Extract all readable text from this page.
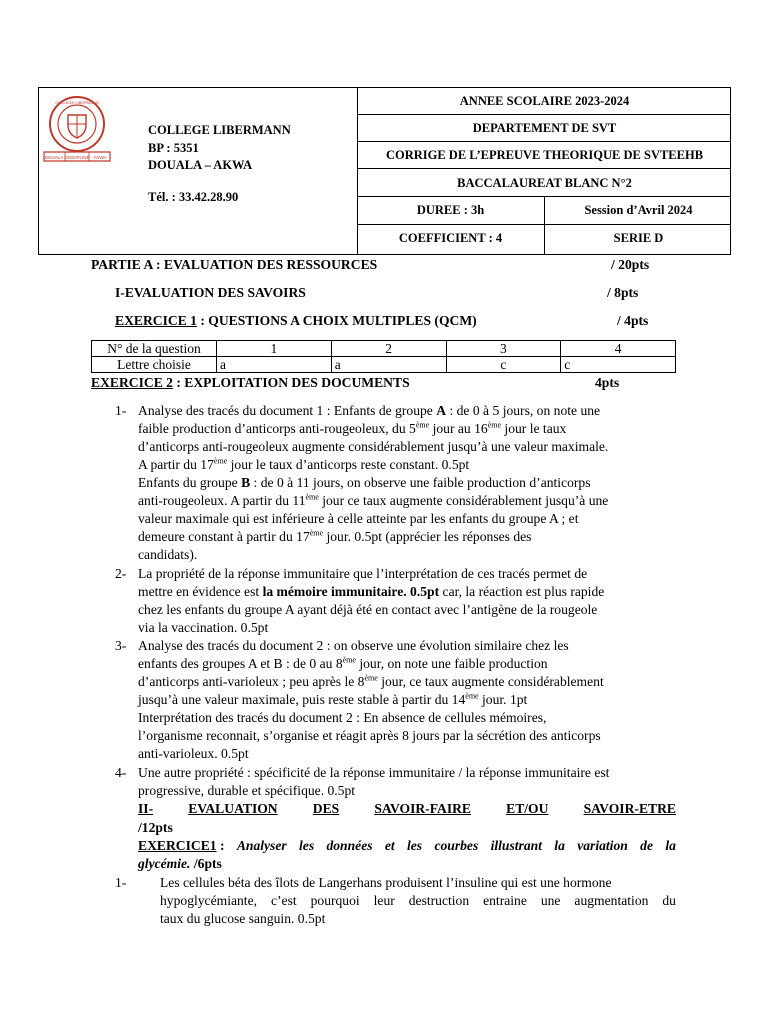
DOUALA DISCIPLINE AKWA
COLLEGE LIBERMANN
COLLEGE LIBERMANN
BP : 5351
DOUALA – AKWA
Tél. : 33.42.28.90
ANNEE SCOLAIRE 2023-2024
DEPARTEMENT DE SVT
CORRIGE DE L’EPREUVE THEORIQUE DE SVTEEHB
BACCALAUREAT BLANC N°2
DUREE : 3h	Session d’Avril 2024
COEFFICIENT : 4	SERIE D
PARTIE A : EVALUATION DES RESSOURCES	/ 20pts
I-EVALUATION DES SAVOIRS	/ 8pts
EXERCICE 1 : QUESTIONS A CHOIX MULTIPLES (QCM)	/ 4pts
N° de la question	1	2	3	4
Lettre choisie	a	a	c	c
EXERCICE 2 : EXPLOITATION DES DOCUMENTS	4pts
1- Analyse des tracés du document 1 : Enfants de groupe A : de 0 à 5 jours, on note une
faible production d’anticorps anti-rougeoleux, du 5ème jour au 16ème jour le taux
d’anticorps anti-rougeoleux augmente considérablement jusqu’à une valeur maximale.
A partir du 17ème jour le taux d’anticorps reste constant. 0.5pt
Enfants du groupe B : de 0 à 11 jours, on observe une faible production d’anticorps
anti-rougeoleux. A partir du 11ème jour ce taux augmente considérablement jusqu’à une
valeur maximale qui est inférieure à celle atteinte par les enfants du groupe A ; et
demeure constant à partir du 17ème jour. 0.5pt (apprécier les réponses des
candidats).
2- La propriété de la réponse immunitaire que l’interprétation de ces tracés permet de
mettre en évidence est la mémoire immunitaire. 0.5pt car, la réaction est plus rapide
chez les enfants du groupe A ayant déjà été en contact avec l’antigène de la rougeole
via la vaccination. 0.5pt
3- Analyse des tracés du document 2 : on observe une évolution similaire chez les
enfants des groupes A et B : de 0 au 8ème jour, on note une faible production
d’anticorps anti-varioleux ; peu après le 8ème jour, ce taux augmente considérablement
jusqu’à une valeur maximale, puis reste stable à partir du 14ème jour. 1pt
Interprétation des tracés du document 2 : En absence de cellules mémoires,
l’organisme reconnait, s’organise et réagit après 8 jours par la sécrétion des anticorps
anti-varioleux. 0.5pt
4- Une autre propriété : spécificité de la réponse immunitaire / la réponse immunitaire est
progressive, durable et spécifique. 0.5pt
II-	EVALUATION	DES	SAVOIR-FAIRE	ET/OU	SAVOIR-ETRE
/12pts
EXERCICE1 : Analyser les données et les courbes illustrant la variation de la
glycémie. /6pts
1- Les cellules béta des îlots de Langerhans produisent l’insuline qui est une hormone
hypoglycémiante, c’est pourquoi leur destruction entraine une augmentation du
taux du glucose sanguin. 0.5pt
